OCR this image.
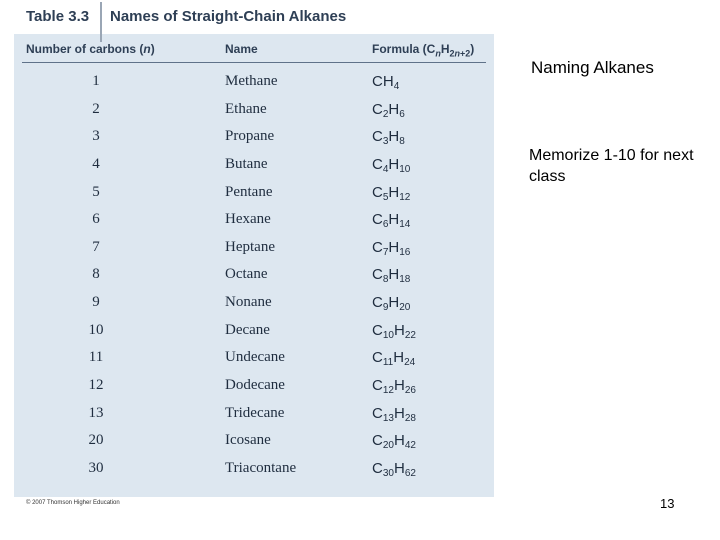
Table 3.3 Names of Straight-Chain Alkanes
Number of carbons (n)	Name	Formula $(C_nH_{2n+2})$
1	Methane	$CH_4$
2	Ethane	$C_2H_6$
3	Propane	$C_3H_8$
4	Butane	$C_4H_{10}$
5	Pentane	$C_5H_{12}$
6	Hexane	$C_6H_{14}$
7	Heptane	$C_7H_{16}$
8	Octane	$C_8H_{18}$
9	Nonane	$C_9H_{20}$
10	Decane	$C_{10}H_{22}$
11	Undecane	$C_{11}H_{24}$
12	Dodecane	$C_{12}H_{26}$
13	Tridecane	$C_{13}H_{28}$
20	Icosane	$C_{20}H_{42}$
30	Triacontane	$C_{30}H_{62}$
© 2007 Thomson Higher Education
Naming Alkanes
Memorize 1-10 for next class
13
